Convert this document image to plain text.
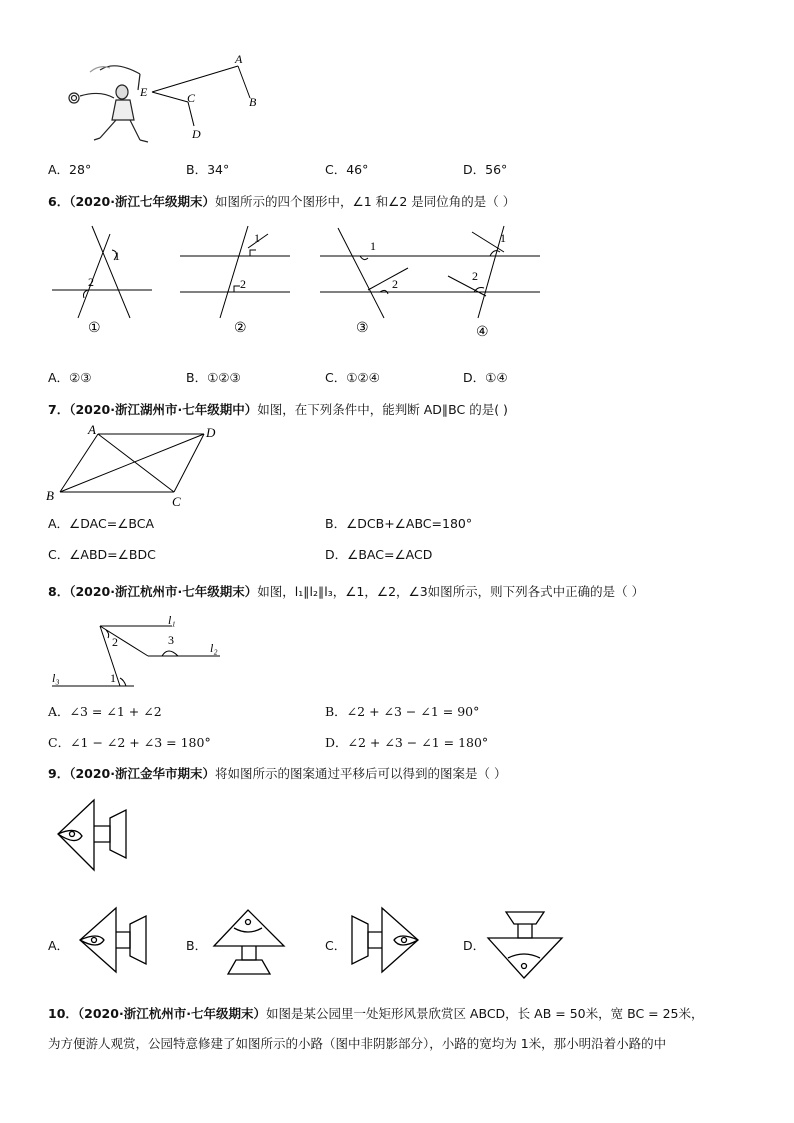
A
B
C
D
E
A．28°	B．34°	C．46°	D．56°
6．（2020·浙江七年级期末）如图所示的四个图形中，∠1 和∠2 是同位角的是（ ）
1
2
1
2
1
2
1
2
①	②	③	④
A．②③	B．①②③	C．①②④	D．①④
7．（2020·浙江湖州市·七年级期中）如图，在下列条件中，能判断 AD∥BC 的是( )
A	D
B	C
A．∠DAC=∠BCA	B．∠DCB+∠ABC=180°
C．∠ABD=∠BDC	D．∠BAC=∠ACD
8．（2020·浙江杭州市·七年级期末）如图，l₁∥l₂∥l₃，∠1，∠2，∠3如图所示，则下列各式中正确的是（ ）
l₁
l₂
l₃	1
2	3
A．∠3 = ∠1 + ∠2	B．∠2 + ∠3 − ∠1 = 90°
C．∠1 − ∠2 + ∠3 = 180°	D．∠2 + ∠3 − ∠1 = 180°
9．（2020·浙江金华市期末）将如图所示的图案通过平移后可以得到的图案是（ ）
A．	B．	C．	D．
10．（2020·浙江杭州市·七年级期末）如图是某公园里一处矩形风景欣赏区 ABCD，长 AB = 50米，宽 BC = 25米，
为方便游人观赏，公园特意修建了如图所示的小路（图中非阴影部分），小路的宽均为 1米，那小明沿着小路的中
